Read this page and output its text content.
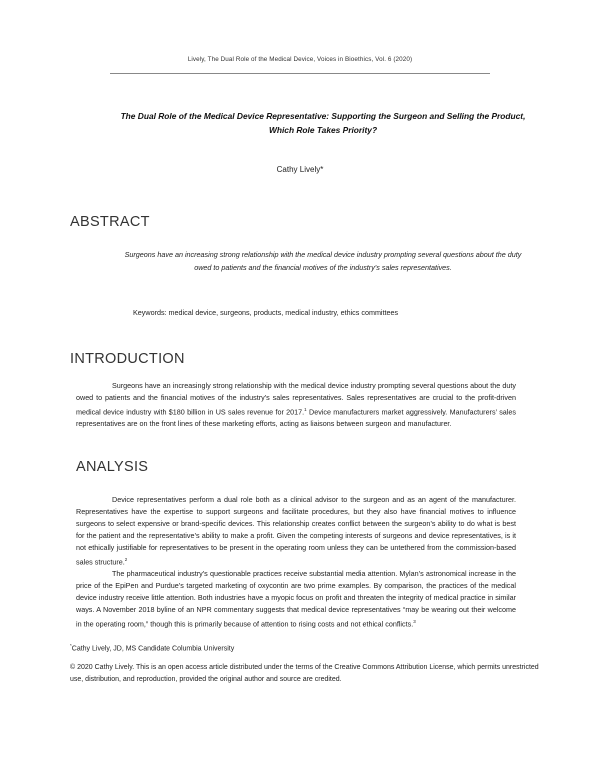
Lively, The Dual Role of the Medical Device, Voices in Bioethics, Vol. 6 (2020)
The Dual Role of the Medical Device Representative: Supporting the Surgeon and Selling the Product, Which Role Takes Priority?
Cathy Lively*
ABSTRACT
Surgeons have an increasing strong relationship with the medical device industry prompting several questions about the duty owed to patients and the financial motives of the industry’s sales representatives.
Keywords: medical device, surgeons, products, medical industry, ethics committees
INTRODUCTION

Surgeons have an increasingly strong relationship with the medical device industry prompting several questions about the duty owed to patients and the financial motives of the industry’s sales representatives. Sales representatives are crucial to the profit-driven medical device industry with $180 billion in US sales revenue for 2017.$^1$ Device manufacturers market aggressively. Manufacturers’ sales representatives are on the front lines of these marketing efforts, acting as liaisons between surgeon and manufacturer.

ANALYSIS

Device representatives perform a dual role both as a clinical advisor to the surgeon and as an agent of the manufacturer. Representatives have the expertise to support surgeons and facilitate procedures, but they also have financial motives to influence surgeons to select expensive or brand-specific devices. This relationship creates conflict between the surgeon’s ability to do what is best for the patient and the representative’s ability to make a profit. Given the competing interests of surgeons and device representatives, is it not ethically justifiable for representatives to be present in the operating room unless they can be untethered from the commission-based sales structure.$^2$

The pharmaceutical industry’s questionable practices receive substantial media attention. Mylan’s astronomical increase in the price of the EpiPen and Purdue’s targeted marketing of oxycontin are two prime examples. By comparison, the practices of the medical device industry receive little attention. Both industries have a myopic focus on profit and threaten the integrity of medical practice in similar ways. A November 2018 byline of an NPR commentary suggests that medical device representatives “may be wearing out their welcome in the operating room,” though this is primarily because of attention to rising costs and not ethical conflicts.$^3$

*Cathy Lively, JD, MS Candidate Columbia University
© 2020 Cathy Lively. This is an open access article distributed under the terms of the Creative Commons Attribution License, which permits unrestricted use, distribution, and reproduction, provided the original author and source are credited.
